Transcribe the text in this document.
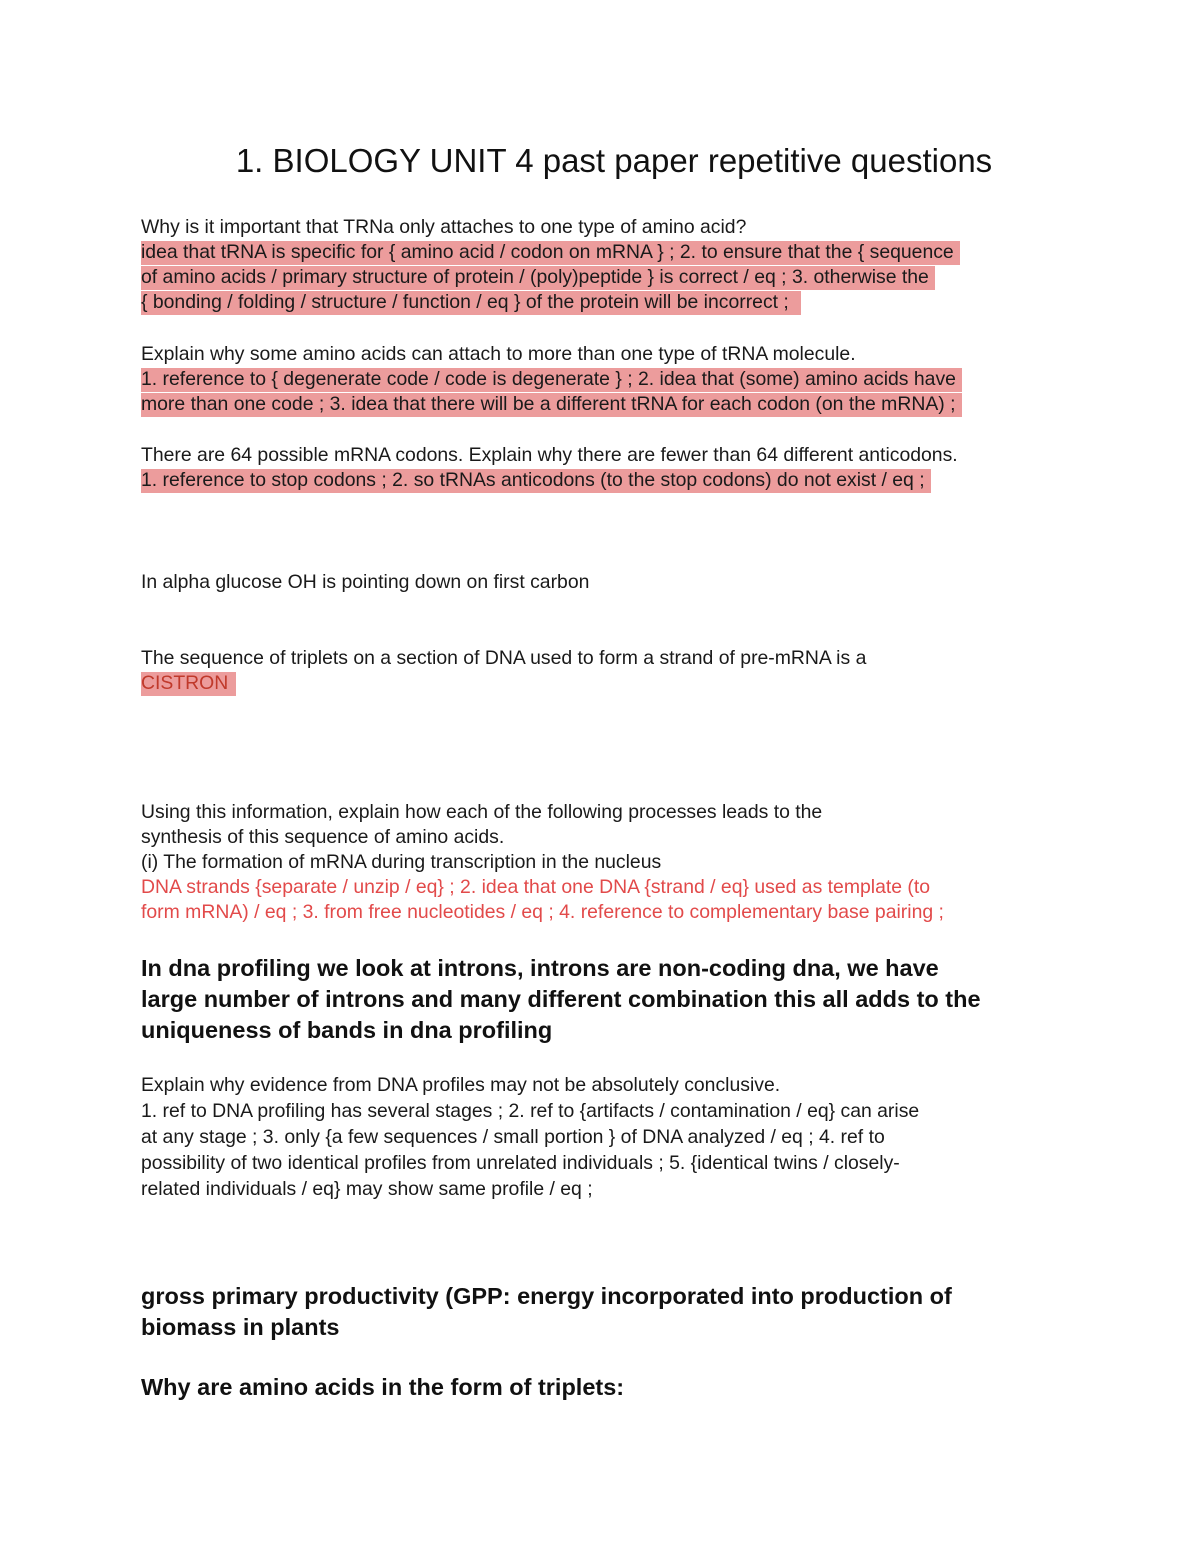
1. BIOLOGY UNIT 4 past paper repetitive questions
Why is it important that TRNa only attaches to one type of amino acid?
idea that tRNA is specific for { amino acid / codon on mRNA } ; 2. to ensure that the { sequence
of amino acids / primary structure of protein / (poly)peptide } is correct / eq ; 3. otherwise the
{ bonding / folding / structure / function / eq } of the protein will be incorrect ;
Explain why some amino acids can attach to more than one type of tRNA molecule.
1. reference to { degenerate code / code is degenerate } ; 2. idea that (some) amino acids have
more than one code ; 3. idea that there will be a different tRNA for each codon (on the mRNA) ;
There are 64 possible mRNA codons. Explain why there are fewer than 64 different anticodons.
1. reference to stop codons ; 2. so tRNAs anticodons (to the stop codons) do not exist / eq ;
In alpha glucose OH is pointing down on first carbon
The sequence of triplets on a section of DNA used to form a strand of pre-mRNA is a
CISTRON
Using this information, explain how each of the following processes leads to the
synthesis of this sequence of amino acids.
(i) The formation of mRNA during transcription in the nucleus
DNA strands {separate / unzip / eq} ; 2. idea that one DNA {strand / eq} used as template (to
form mRNA) / eq ; 3. from free nucleotides / eq ; 4. reference to complementary base pairing ;
In dna profiling we look at introns, introns are non-coding dna, we have
large number of introns and many different combination this all adds to the
uniqueness of bands in dna profiling
Explain why evidence from DNA profiles may not be absolutely conclusive.
1. ref to DNA profiling has several stages ; 2. ref to {artifacts / contamination / eq} can arise
at any stage ; 3. only {a few sequences / small portion } of DNA analyzed / eq ; 4. ref to
possibility of two identical profiles from unrelated individuals ; 5. {identical twins / closely-
related individuals / eq} may show same profile / eq ;
gross primary productivity (GPP: energy incorporated into production of
biomass in plants
Why are amino acids in the form of triplets:
